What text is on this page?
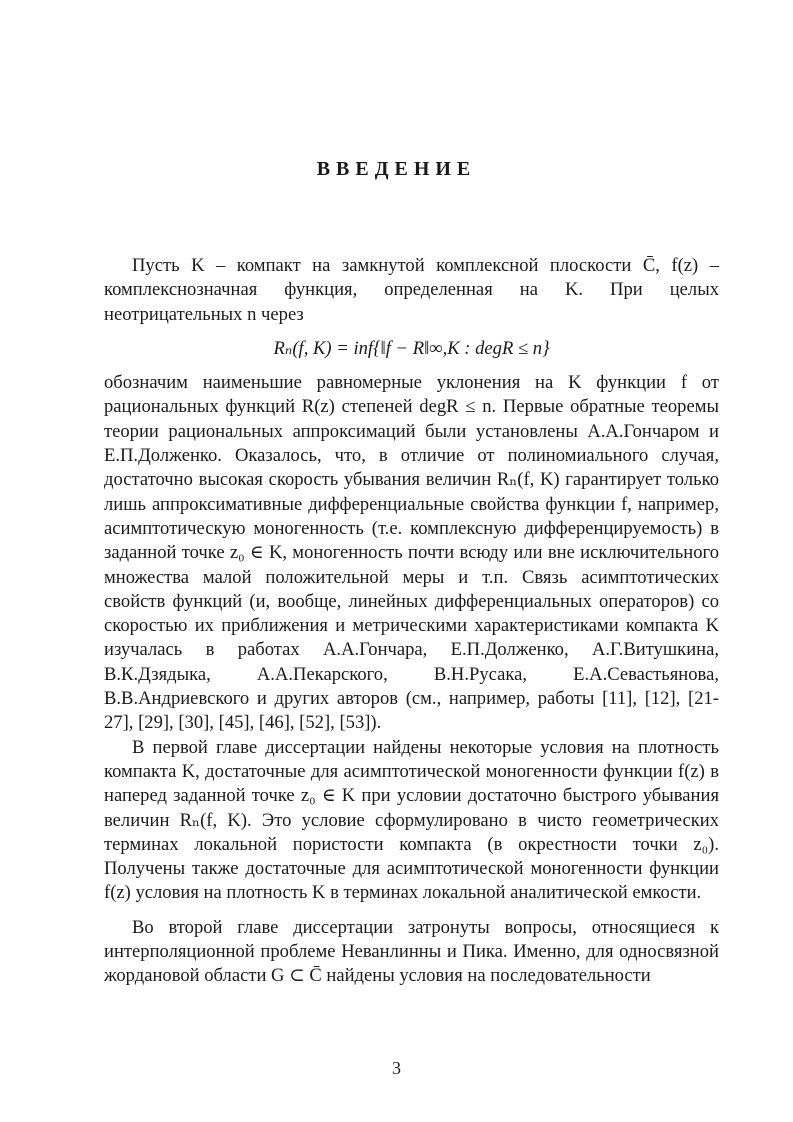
ВВЕДЕНИЕ

Пусть K – компакт на замкнутой комплексной плоскости C̄, f(z) – комплекснозначная функция, определенная на K. При целых неотрицательных n через

Rₙ(f, K) = inf{‖f − R‖∞,K : degR ≤ n}

обозначим наименьшие равномерные уклонения на K функции f от рациональных функций R(z) степеней degR ≤ n. Первые обратные теоремы теории рациональных аппроксимаций были установлены А.А.Гончаром и Е.П.Долженко. Оказалось, что, в отличие от полиномиального случая, достаточно высокая скорость убывания величин Rₙ(f, K) гарантирует только лишь аппроксимативные дифференциальные свойства функции f, например, асимптотическую моногенность (т.е. комплексную дифференцируемость) в заданной точке z₀ ∈ K, моногенность почти всюду или вне исключительного множества малой положительной меры и т.п. Связь асимптотических свойств функций (и, вообще, линейных дифференциальных операторов) со скоростью их приближения и метрическими характеристиками компакта K изучалась в работах А.А.Гончара, Е.П.Долженко, А.Г.Витушкина, В.К.Дзядыка, А.А.Пекарского, В.Н.Русака, Е.А.Севастьянова, В.В.Андриевского и других авторов (см., например, работы [11], [12], [21-27], [29], [30], [45], [46], [52], [53]).

В первой главе диссертации найдены некоторые условия на плотность компакта K, достаточные для асимптотической моногенности функции f(z) в наперед заданной точке z₀ ∈ K при условии достаточно быстрого убывания величин Rₙ(f, K). Это условие сформулировано в чисто геометрических терминах локальной пористости компакта (в окрестности точки z₀). Получены также достаточные для асимптотической моногенности функции f(z) условия на плотность K в терминах локальной аналитической емкости.

Во второй главе диссертации затронуты вопросы, относящиеся к интерполяционной проблеме Неванлинны и Пика. Именно, для односвязной жордановой области G ⊂ C̄ найдены условия на последовательности

3
